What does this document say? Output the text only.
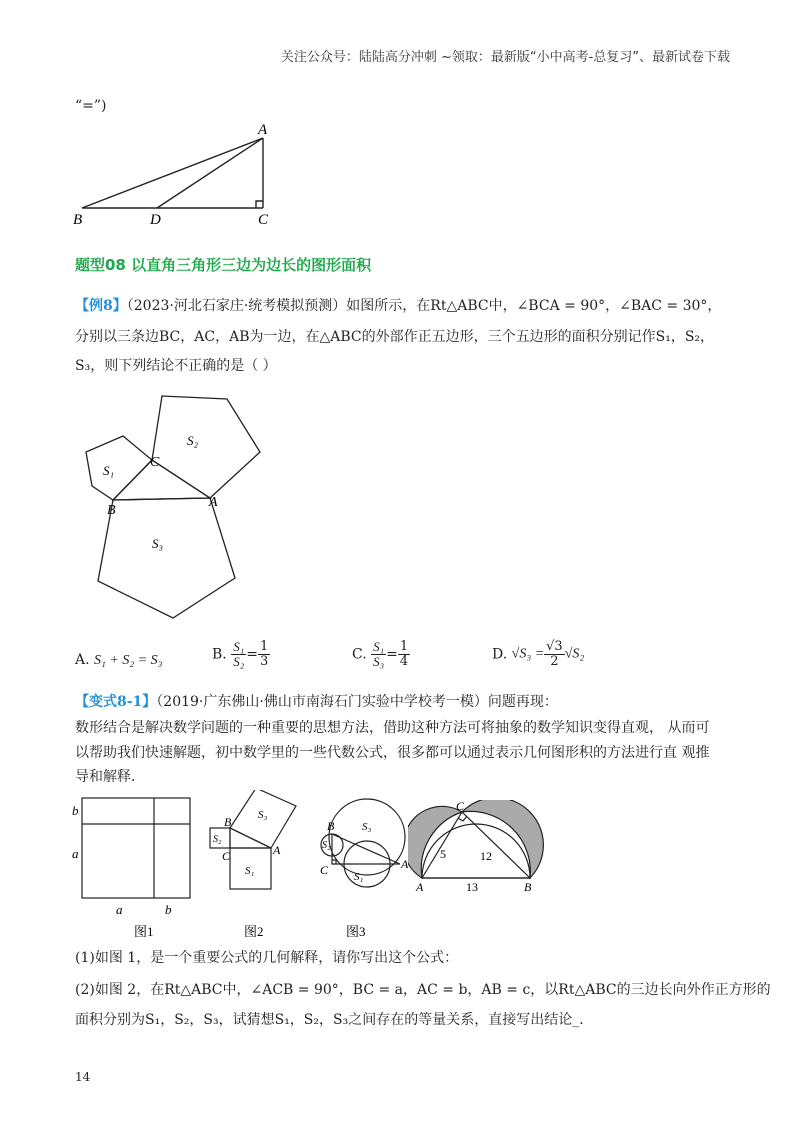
关注公众号：陆陆高分冲刺 ~领取：最新版“小中高考-总复习”、最新试卷下载
“=”)
A
B	D	C
题型08 以直角三角形三边为边长的图形面积
【例8】（2023·河北石家庄·统考模拟预测）如图所示，在Rt△ABC中，∠BCA = 90°，∠BAC = 30°，
分别以三条边BC，AC，AB为一边，在△ABC的外部作正五边形，三个五边形的面积分别记作S₁，S₂，
S₃，则下列结论不正确的是（ ）
S₁
S₂
S₃
C
B
A
A. S₁ + S₂ = S₃	B. $\frac{\text{S₁}}{\text{S₂}} = \frac{1}{3}$	C. $\frac{\text{S₁}}{\text{S₃}} = \frac{1}{4}$	D. $√S_3 = \frac{√3}{2} √S_2$
【变式8-1】（2019·广东佛山·佛山市南海石门实验中学校考一模）问题再现：
数形结合是解决数学问题的一种重要的思想方法，借助这种方法可将抽象的数学知识变得直观， 从而可
以帮助我们快速解题，初中数学里的一些代数公式，很多都可以通过表示几何图形积的方法进行直 观推
导和解释．
b
a
a	b
图1
S₃
S₂
S₁
B
C	A
图2
S₃
S₂
S₁
B
C	A
图3
C
A	B
5	12
13
(1)如图 1，是一个重要公式的几何解释，请你写出这个公式：
(2)如图 2，在Rt△ABC中，∠ACB = 90°，BC = a，AC = b，AB = c，以Rt△ABC的三边长向外作正方形的
面积分别为S₁，S₂，S₃，试猜想S₁，S₂，S₃之间存在的等量关系，直接写出结论_．
14
